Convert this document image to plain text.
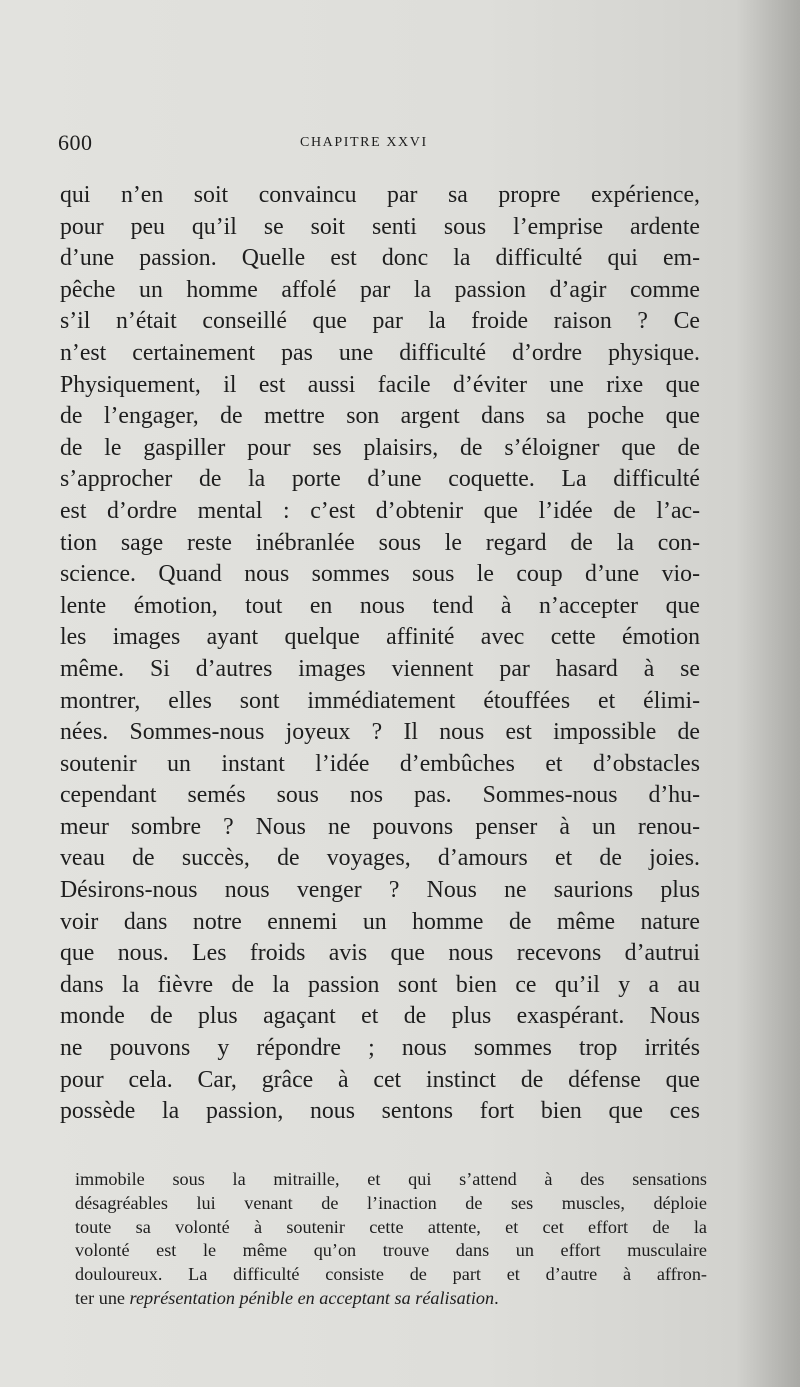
600	CHAPITRE XXVI
qui n’en soit convaincu par sa propre expérience,
pour peu qu’il se soit senti sous l’emprise ardente
d’une passion. Quelle est donc la difficulté qui em-
pêche un homme affolé par la passion d’agir comme
s’il n’était conseillé que par la froide raison ? Ce
n’est certainement pas une difficulté d’ordre physique.
Physiquement, il est aussi facile d’éviter une rixe que
de l’engager, de mettre son argent dans sa poche que
de le gaspiller pour ses plaisirs, de s’éloigner que de
s’approcher de la porte d’une coquette. La difficulté
est d’ordre mental : c’est d’obtenir que l’idée de l’ac-
tion sage reste inébranlée sous le regard de la con-
science. Quand nous sommes sous le coup d’une vio-
lente émotion, tout en nous tend à n’accepter que
les images ayant quelque affinité avec cette émotion
même. Si d’autres images viennent par hasard à se
montrer, elles sont immédiatement étouffées et élimi-
nées. Sommes-nous joyeux ? Il nous est impossible de
soutenir un instant l’idée d’embûches et d’obstacles
cependant semés sous nos pas. Sommes-nous d’hu-
meur sombre ? Nous ne pouvons penser à un renou-
veau de succès, de voyages, d’amours et de joies.
Désirons-nous nous venger ? Nous ne saurions plus
voir dans notre ennemi un homme de même nature
que nous. Les froids avis que nous recevons d’autrui
dans la fièvre de la passion sont bien ce qu’il y a au
monde de plus agaçant et de plus exaspérant. Nous
ne pouvons y répondre ; nous sommes trop irrités
pour cela. Car, grâce à cet instinct de défense que
possède la passion, nous sentons fort bien que ces
immobile sous la mitraille, et qui s’attend à des sensations
désagréables lui venant de l’inaction de ses muscles, déploie
toute sa volonté à soutenir cette attente, et cet effort de la
volonté est le même qu’on trouve dans un effort musculaire
douloureux. La difficulté consiste de part et d’autre à affron-
ter une représentation pénible en acceptant sa réalisation.
